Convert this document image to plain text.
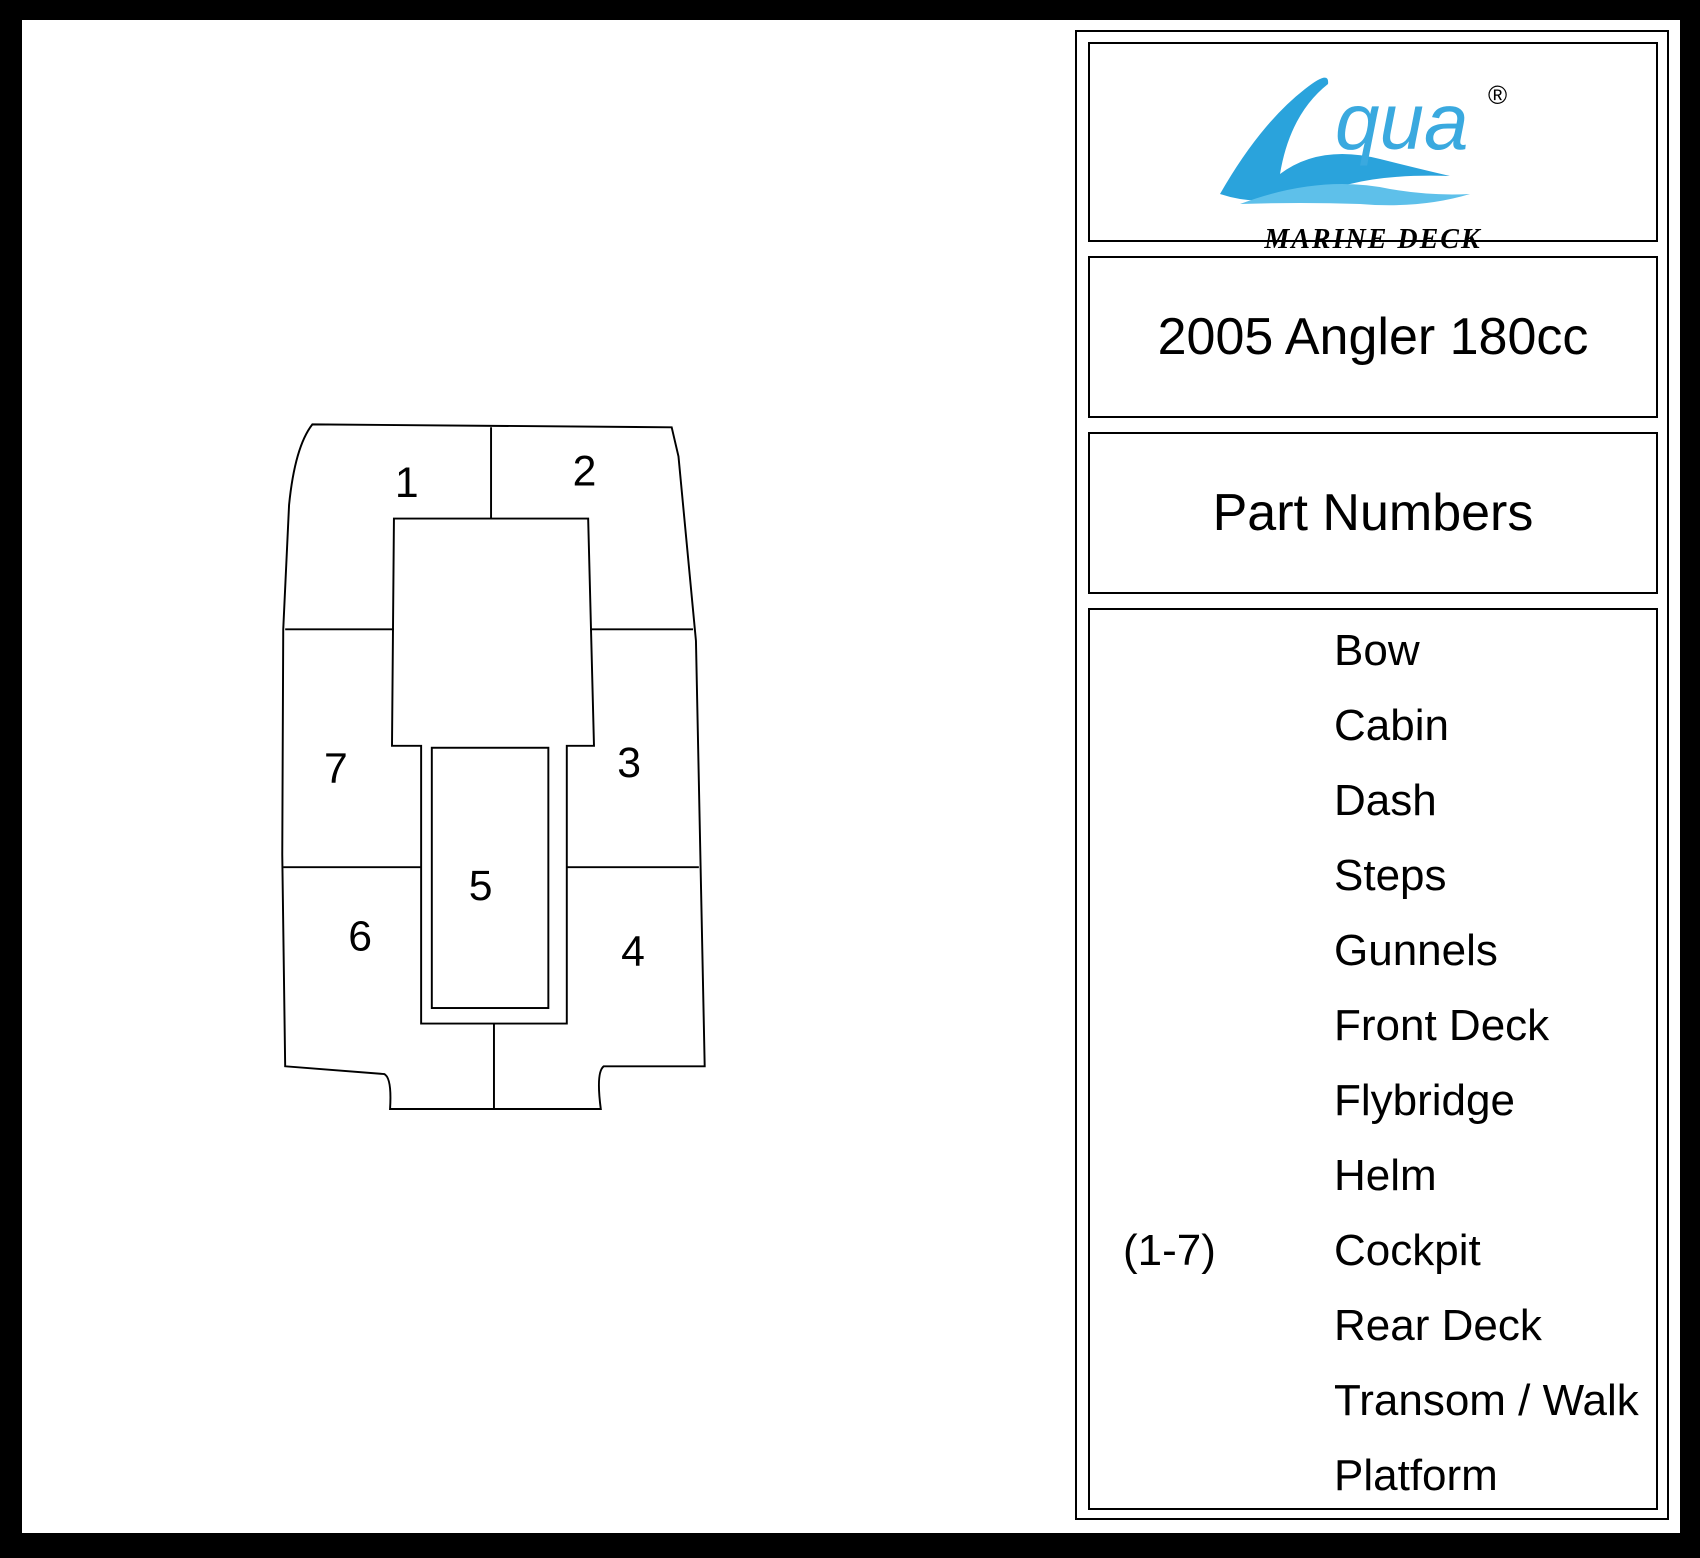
1	2
3
4
5
6
7
qua ®
MARINE DECK
2005 Angler 180cc
Part Numbers
Bow
Cabin
Dash
Steps
Gunnels
Front Deck
Flybridge
Helm
(1-7)	Cockpit
Rear Deck
Transom / Walk
Platform
